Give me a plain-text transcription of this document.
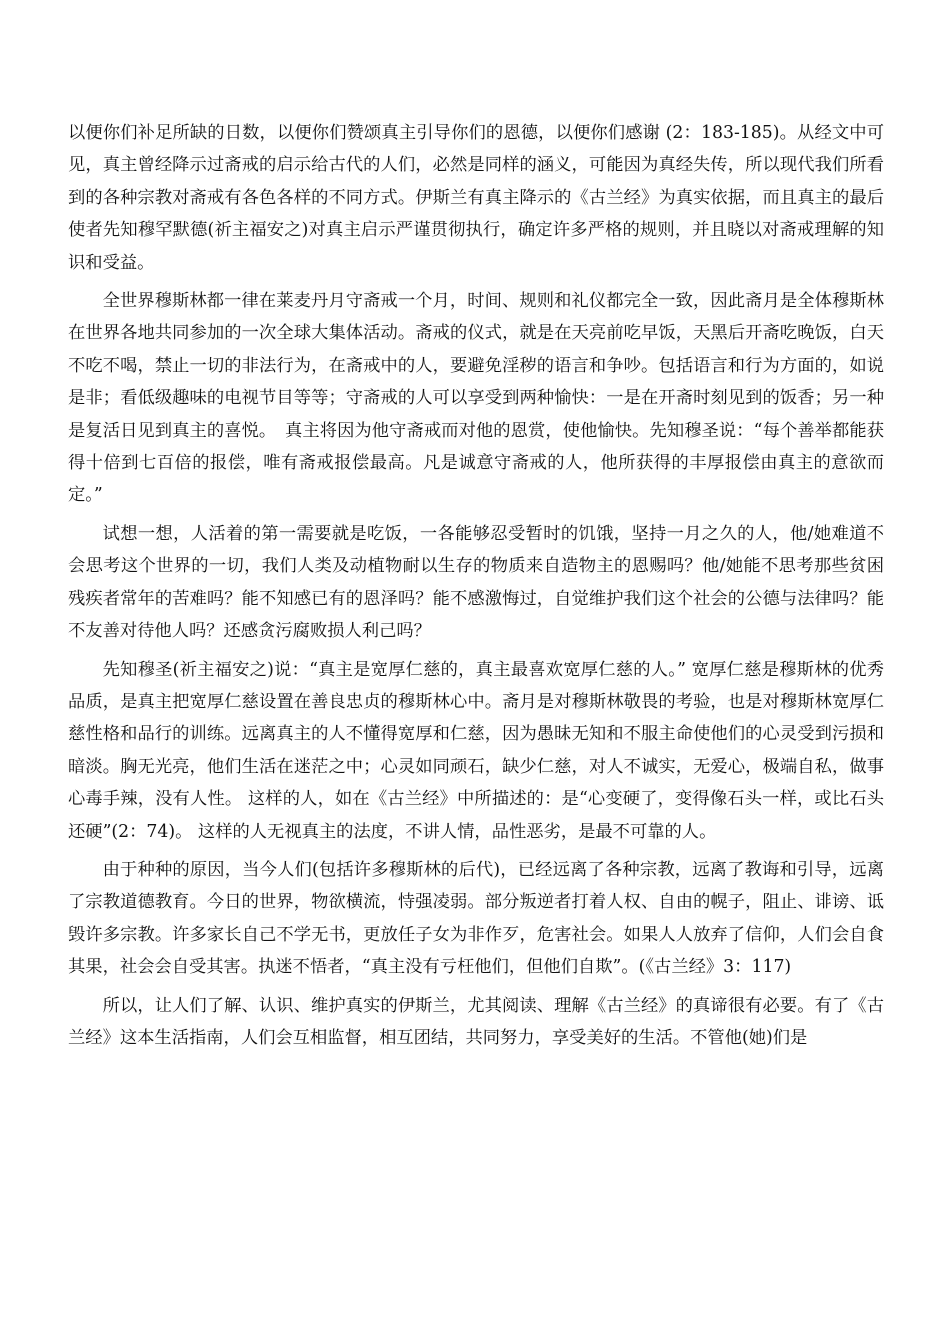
以便你们补足所缺的日数，以便你们赞颂真主引导你们的恩德，以便你们感谢 (2：183-185)。从经文中可见，真主曾经降示过斋戒的启示给古代的人们，必然是同样的涵义，可能因为真经失传，所以现代我们所看到的各种宗教对斋戒有各色各样的不同方式。伊斯兰有真主降示的《古兰经》为真实依据，而且真主的最后使者先知穆罕默德(祈主福安之)对真主启示严谨贯彻执行，确定许多严格的规则，并且晓以对斋戒理解的知识和受益。

全世界穆斯林都一律在莱麦丹月守斋戒一个月，时间、规则和礼仪都完全一致，因此斋月是全体穆斯林在世界各地共同参加的一次全球大集体活动。斋戒的仪式，就是在天亮前吃早饭，天黑后开斋吃晚饭，白天不吃不喝，禁止一切的非法行为，在斋戒中的人，要避免淫秽的语言和争吵。包括语言和行为方面的，如说是非；看低级趣味的电视节目等等；守斋戒的人可以享受到两种愉快：一是在开斋时刻见到的饭香；另一种是复活日见到真主的喜悦。　真主将因为他守斋戒而对他的恩赏，使他愉快。先知穆圣说：“每个善举都能获得十倍到七百倍的报偿，唯有斋戒报偿最高。凡是诚意守斋戒的人，他所获得的丰厚报偿由真主的意欲而定。”

试想一想，人活着的第一需要就是吃饭，一各能够忍受暂时的饥饿，坚持一月之久的人，他/她难道不会思考这个世界的一切，我们人类及动植物耐以生存的物质来自造物主的恩赐吗？他/她能不思考那些贫困残疾者常年的苦难吗？能不知感已有的恩泽吗？能不感激悔过，自觉维护我们这个社会的公德与法律吗？能不友善对待他人吗？还感贪污腐败损人利己吗？

先知穆圣(祈主福安之)说：“真主是宽厚仁慈的，真主最喜欢宽厚仁慈的人。” 宽厚仁慈是穆斯林的优秀品质，是真主把宽厚仁慈设置在善良忠贞的穆斯林心中。斋月是对穆斯林敬畏的考验，也是对穆斯林宽厚仁慈性格和品行的训练。远离真主的人不懂得宽厚和仁慈，因为愚昧无知和不服主命使他们的心灵受到污损和暗淡。胸无光亮，他们生活在迷茫之中；心灵如同顽石，缺少仁慈，对人不诚实，无爱心，极端自私，做事心毒手辣，没有人性。 这样的人，如在《古兰经》中所描述的：是“心变硬了，变得像石头一样，或比石头还硬”(2：74)。 这样的人无视真主的法度，不讲人情，品性恶劣，是最不可靠的人。

由于种种的原因，当今人们(包括许多穆斯林的后代)，已经远离了各种宗教，远离了教诲和引导，远离了宗教道德教育。今日的世界，物欲横流，恃强凌弱。部分叛逆者打着人权、自由的幌子，阻止、诽谤、诋毁许多宗教。许多家长自己不学无书，更放任子女为非作歹，危害社会。如果人人放弃了信仰，人们会自食其果，社会会自受其害。执迷不悟者，“真主没有亏枉他们，但他们自欺”。(《古兰经》3：117)

所以，让人们了解、认识、维护真实的伊斯兰，尤其阅读、理解《古兰经》的真谛很有必要。有了《古兰经》这本生活指南，人们会互相监督，相互团结，共同努力，享受美好的生活。不管他(她)们是
